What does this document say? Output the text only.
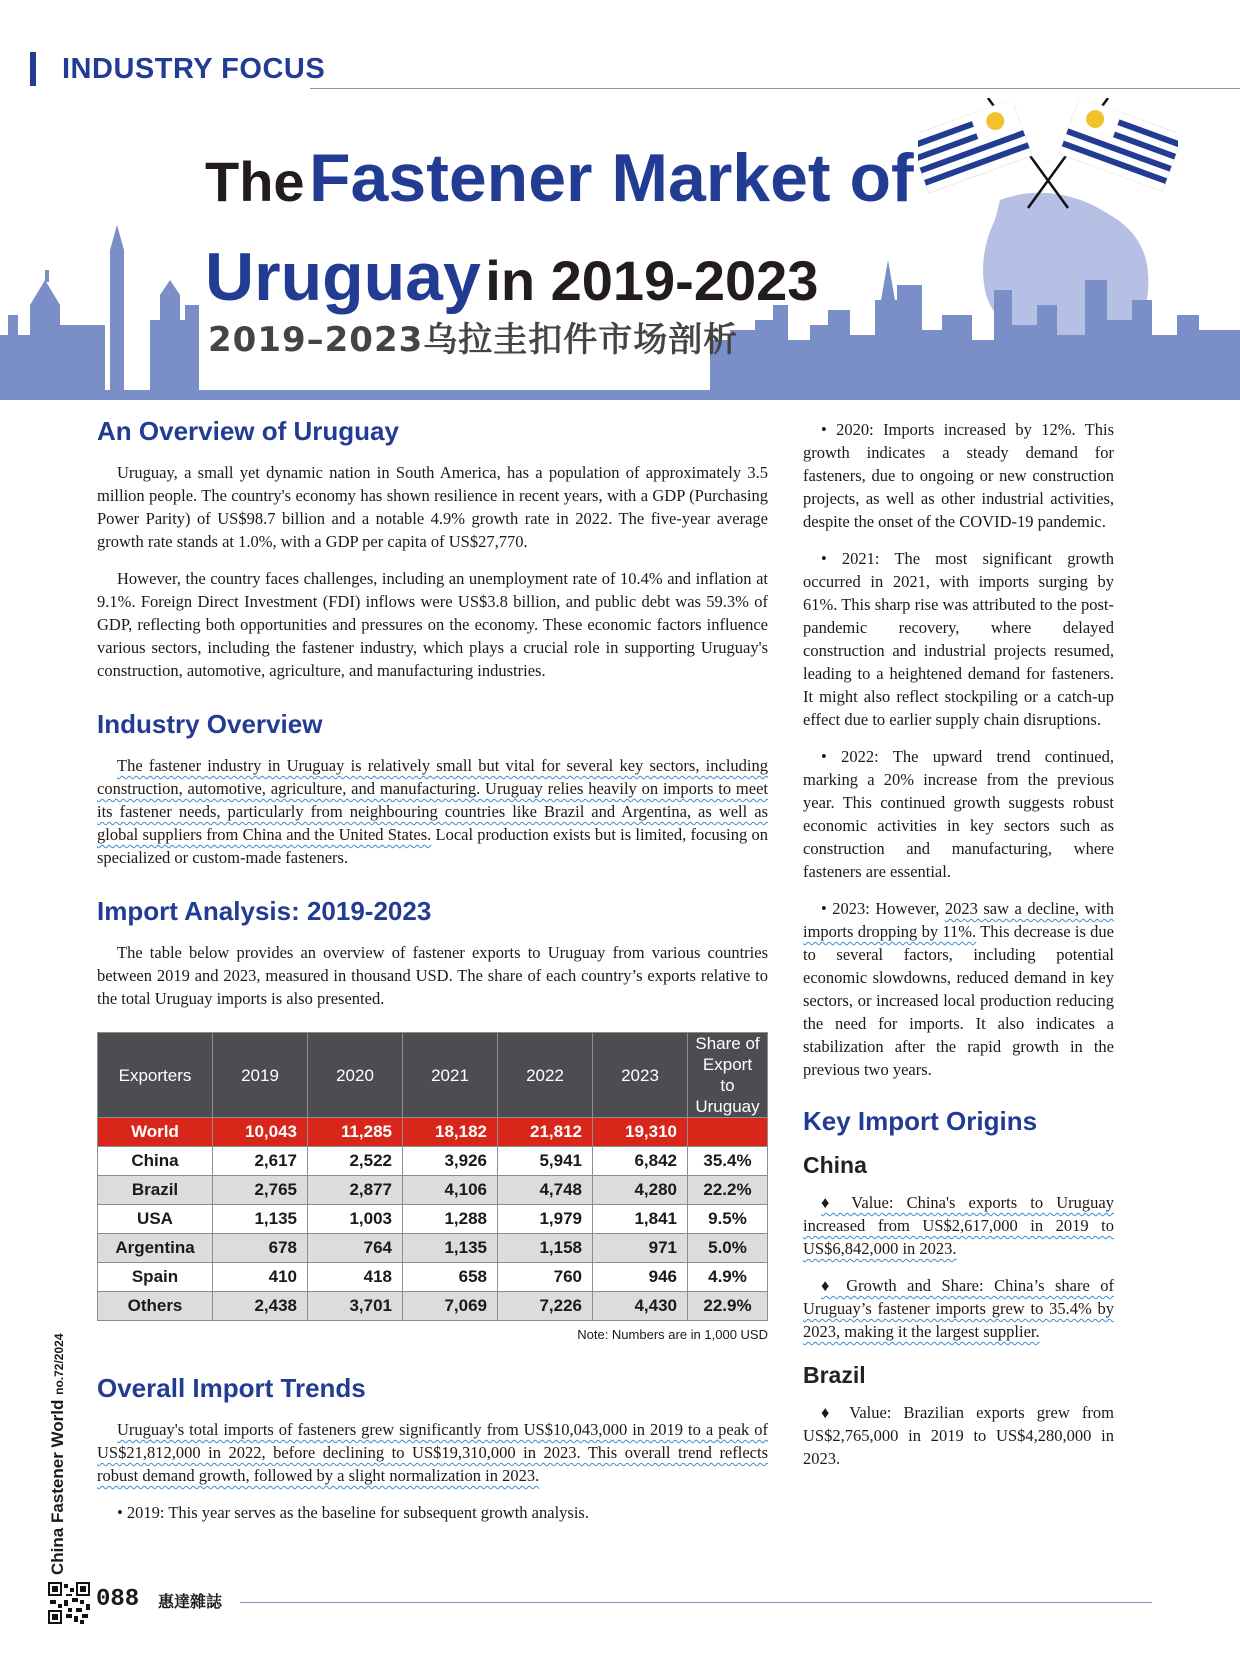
INDUSTRY FOCUS
The Fastener Market of
Uruguay in 2019-2023
2019–2023乌拉圭扣件市场剖析
An Overview of Uruguay

Uruguay, a small yet dynamic nation in South America, has a population of approximately 3.5 million people. The country's economy has shown resilience in recent years, with a GDP (Purchasing Power Parity) of US$98.7 billion and a notable 4.9% growth rate in 2022. The five-year average growth rate stands at 1.0%, with a GDP per capita of US$27,770.

However, the country faces challenges, including an unemployment rate of 10.4% and inflation at 9.1%. Foreign Direct Investment (FDI) inflows were US$3.8 billion, and public debt was 59.3% of GDP, reflecting both opportunities and pressures on the economy. These economic factors influence various sectors, including the fastener industry, which plays a crucial role in supporting Uruguay's construction, automotive, agriculture, and manufacturing industries.

Industry Overview

The fastener industry in Uruguay is relatively small but vital for several key sectors, including construction, automotive, agriculture, and manufacturing. Uruguay relies heavily on imports to meet its fastener needs, particularly from neighbouring countries like Brazil and Argentina, as well as global suppliers from China and the United States. Local production exists but is limited, focusing on specialized or custom-made fasteners.

Import Analysis: 2019-2023

The table below provides an overview of fastener exports to Uruguay from various countries between 2019 and 2023, measured in thousand USD. The share of each country’s exports relative to the total Uruguay imports is also presented.

Exporters	2019	2020	2021	2022	2023	Share of
Export
to Uruguay
World	10,043	11,285	18,182	21,812	19,310	
China	2,617	2,522	3,926	5,941	6,842	35.4%
Brazil	2,765	2,877	4,106	4,748	4,280	22.2%
USA	1,135	1,003	1,288	1,979	1,841	9.5%
Argentina	678	764	1,135	1,158	971	5.0%
Spain	410	418	658	760	946	4.9%
Others	2,438	3,701	7,069	7,226	4,430	22.9%
Note: Numbers are in 1,000 USD
Overall Import Trends

Uruguay's total imports of fasteners grew significantly from US$10,043,000 in 2019 to a peak of US$21,812,000 in 2022, before declining to US$19,310,000 in 2023. This overall trend reflects robust demand growth, followed by a slight normalization in 2023.

• 2019: This year serves as the baseline for subsequent growth analysis.

• 2020: Imports increased by 12%. This growth indicates a steady demand for fasteners, due to ongoing or new construction projects, as well as other industrial activities, despite the onset of the COVID-19 pandemic.

• 2021: The most significant growth occurred in 2021, with imports surging by 61%. This sharp rise was attributed to the post-pandemic recovery, where delayed construction and industrial projects resumed, leading to a heightened demand for fasteners. It might also reflect stockpiling or a catch-up effect due to earlier supply chain disruptions.

• 2022: The upward trend continued, marking a 20% increase from the previous year. This continued growth suggests robust economic activities in key sectors such as construction and manufacturing, where fasteners are essential.

• 2023: However, 2023 saw a decline, with imports dropping by 11%. This decrease is due to several factors, including potential economic slowdowns, reduced demand in key sectors, or increased local production reducing the need for imports. It also indicates a stabilization after the rapid growth in the previous two years.

Key Import Origins
China

♦ Value: China's exports to Uruguay increased from US$2,617,000 in 2019 to US$6,842,000 in 2023.

♦ Growth and Share: China’s share of Uruguay’s fastener imports grew to 35.4% by 2023, making it the largest supplier.

Brazil

♦ Value: Brazilian exports grew from US$2,765,000 in 2019 to US$4,280,000 in 2023.

China Fastener World no.72/2024
088 惠達雜誌
